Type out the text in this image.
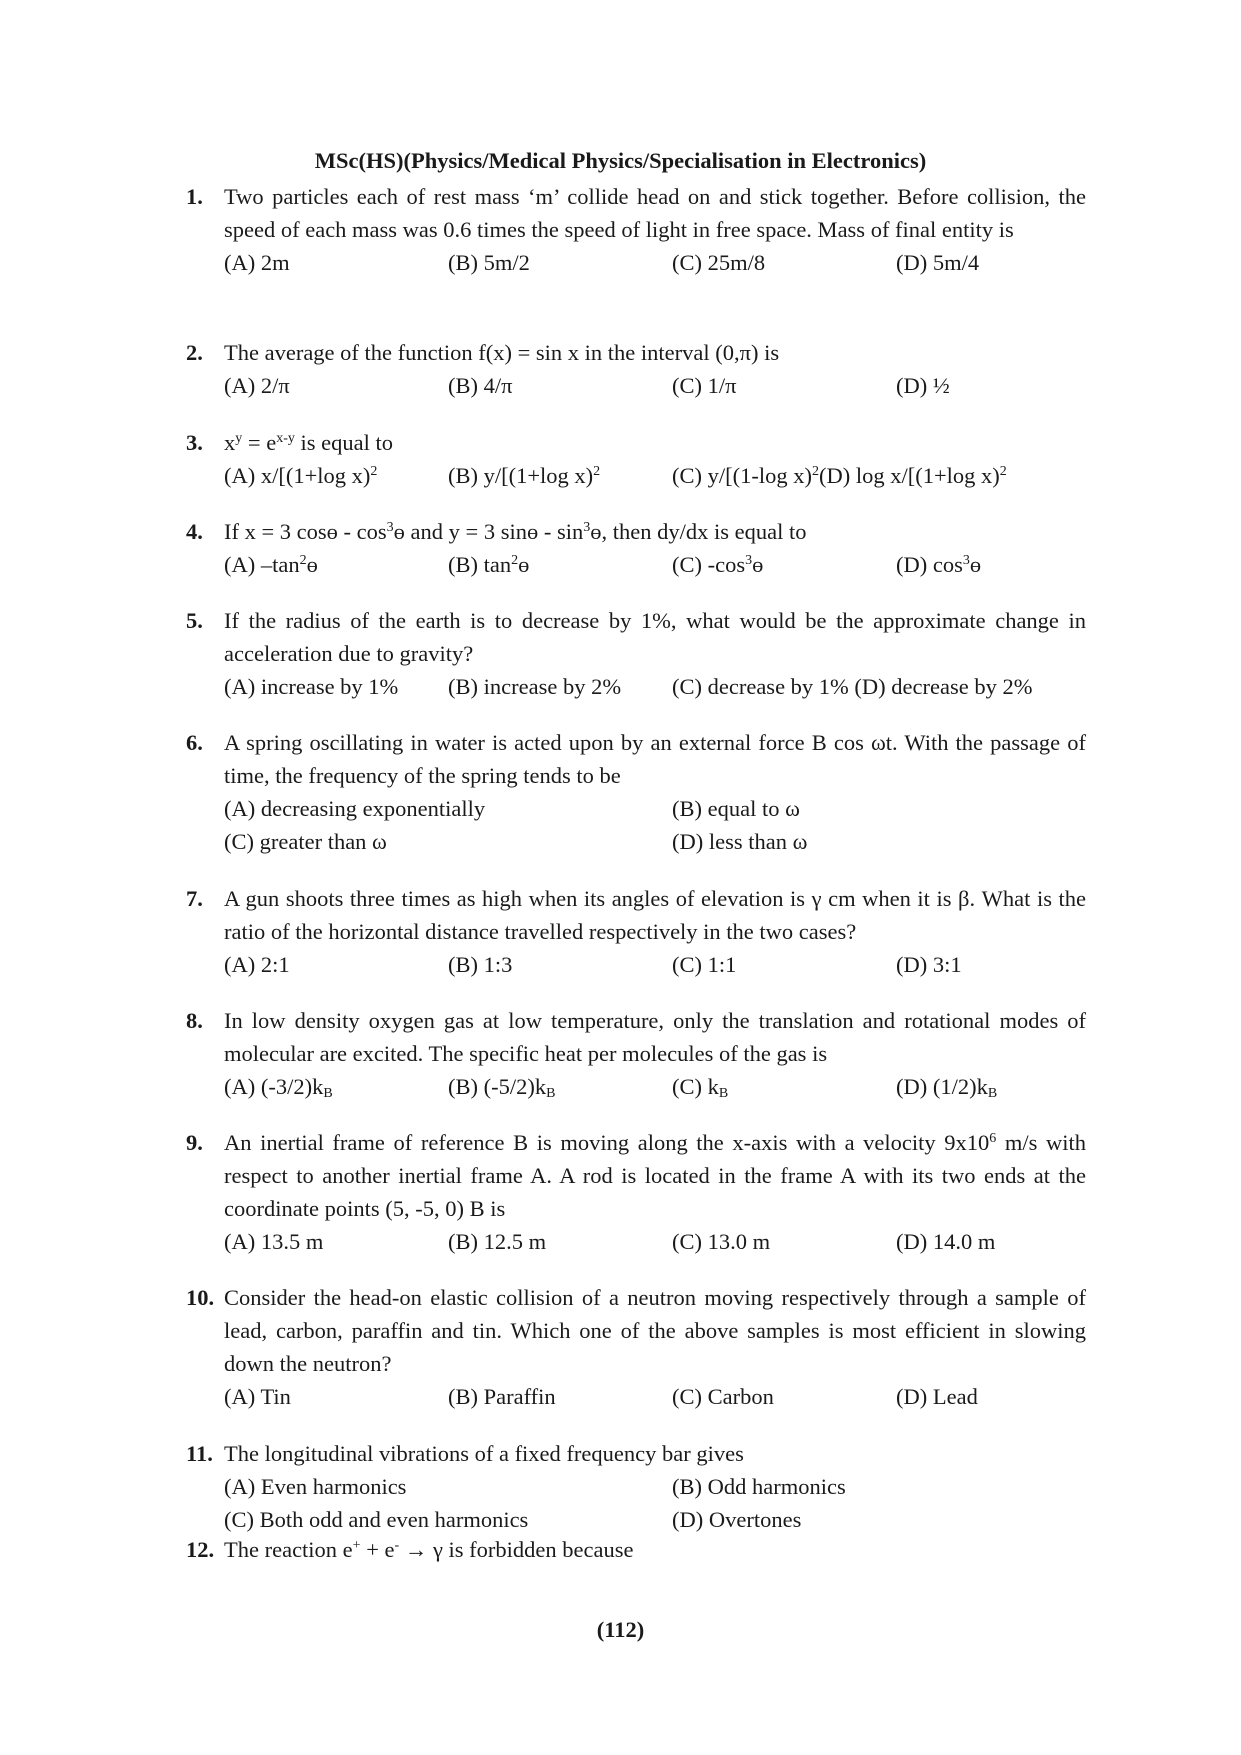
MSc(HS)(Physics/Medical Physics/Specialisation in Electronics)
1. Two particles each of rest mass ‘m’ collide head on and stick together. Before collision, the speed of each mass was 0.6 times the speed of light in free space. Mass of final entity is
(A) 2m	(B) 5m/2	(C) 25m/8	(D) 5m/4
2. The average of the function f(x) = sin x in the interval (0,π) is
(A) 2/π	(B) 4/π	(C) 1/π	(D) ½
3. $x^y = e^{x-y}$ is equal to
(A) x/[(1+log x)$^2$	(B) y/[(1+log x)$^2$	(C) y/[(1-log x)$^2$(D) log x/[(1+log x)$^2$
4. If x = 3 cosɵ - $\cos^3ɵ$ and y = 3 sinɵ - $\sin^3ɵ$, then dy/dx is equal to
(A) $-\tan^2ɵ$	(B) $\tan^2ɵ$	(C) $-\cos^3ɵ$	(D) $\cos^3ɵ$
5. If the radius of the earth is to decrease by 1%, what would be the approximate change in acceleration due to gravity?
(A) increase by 1% (B) increase by 2% (C) decrease by 1% (D) decrease by 2%
6. A spring oscillating in water is acted upon by an external force B cos ωt. With the passage of time, the frequency of the spring tends to be
(A) decreasing exponentially	(B) equal to ω
(C) greater than ω	(D) less than ω
7. A gun shoots three times as high when its angles of elevation is γ cm when it is β. What is the ratio of the horizontal distance travelled respectively in the two cases?
(A) 2:1	(B) 1:3	(C) 1:1	(D) 3:1
8. In low density oxygen gas at low temperature, only the translation and rotational modes of molecular are excited. The specific heat per molecules of the gas is
(A) $(-3/2)k_B$	(B) $(-5/2)k_B$	(C) $k_B$	(D) $(1/2)k_B$
9. An inertial frame of reference B is moving along the x-axis with a velocity $9x10^6$ m/s with respect to another inertial frame A. A rod is located in the frame A with its two ends at the coordinate points (5, -5, 0) B is
(A) 13.5 m	(B) 12.5 m	(C) 13.0 m	(D) 14.0 m
10. Consider the head-on elastic collision of a neutron moving respectively through a sample of lead, carbon, paraffin and tin. Which one of the above samples is most efficient in slowing down the neutron?
(A) Tin	(B) Paraffin	(C) Carbon	(D) Lead
11. The longitudinal vibrations of a fixed frequency bar gives
(A) Even harmonics	(B) Odd harmonics
(C) Both odd and even harmonics	(D) Overtones
12. The reaction e+ + e- → γ is forbidden because
(112)
